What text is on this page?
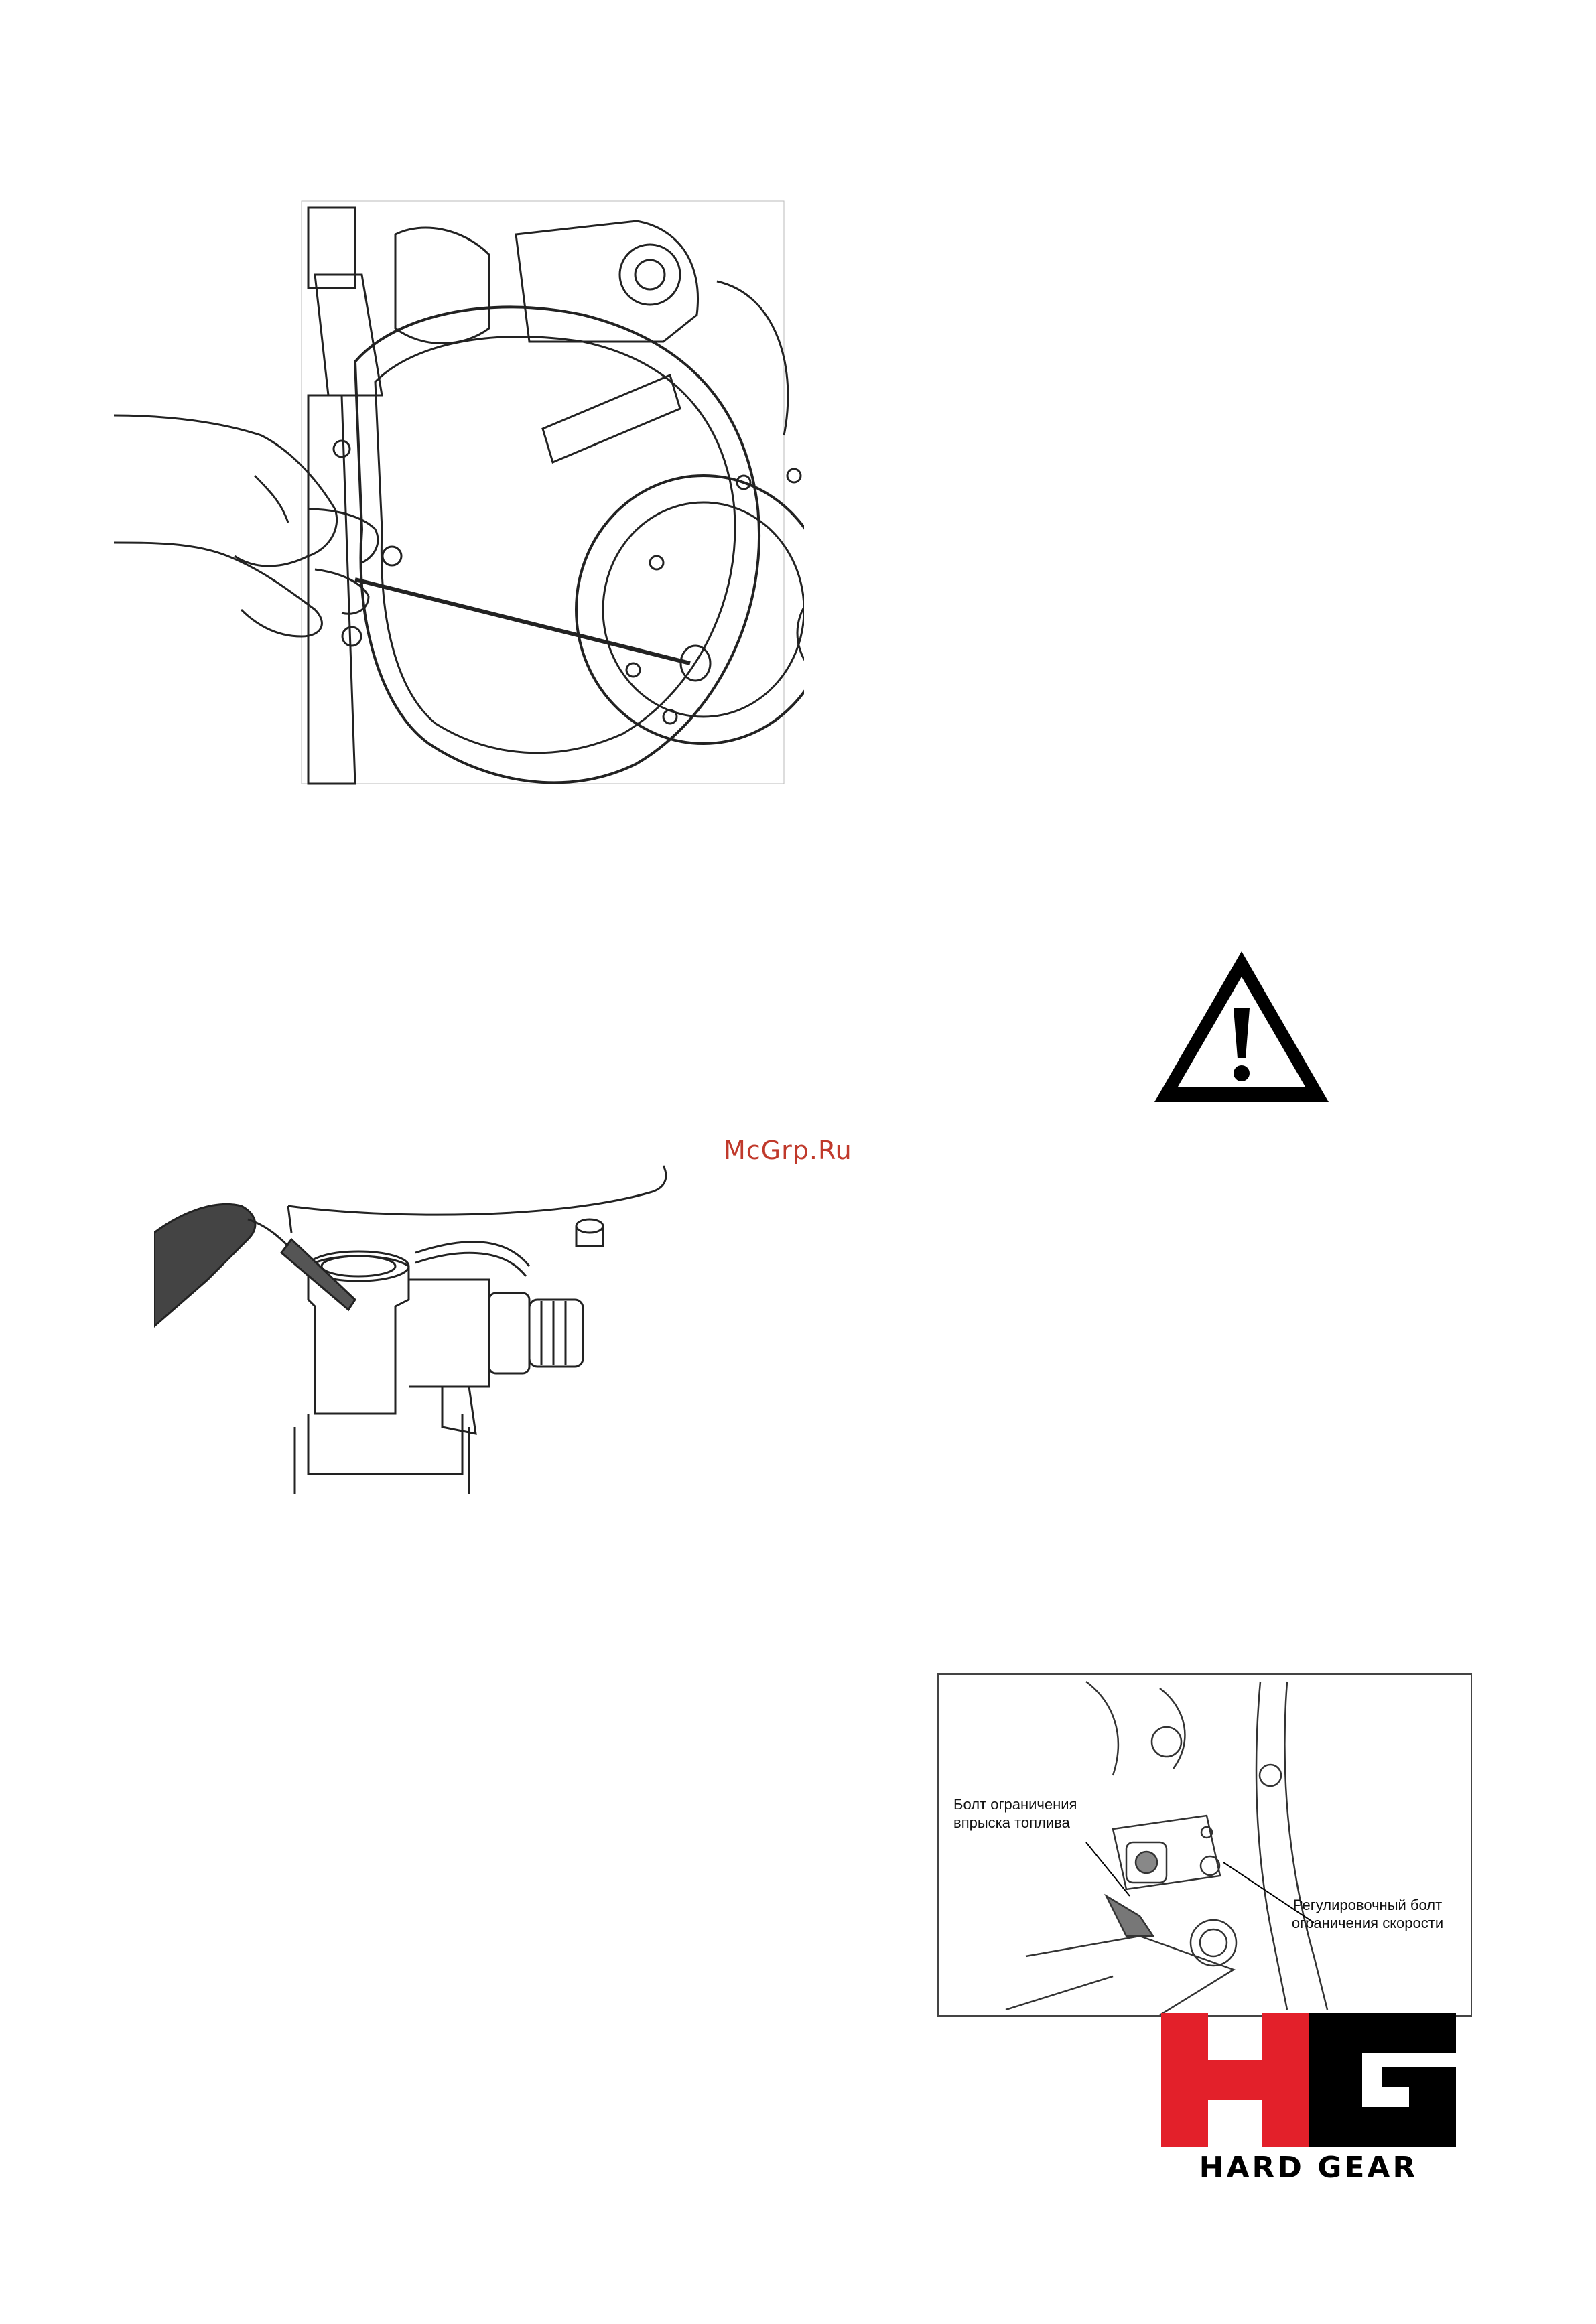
McGrp.Ru
Болт ограничения впрыска топлива
Регулировочный болт ограничения скорости
HARD GEAR
